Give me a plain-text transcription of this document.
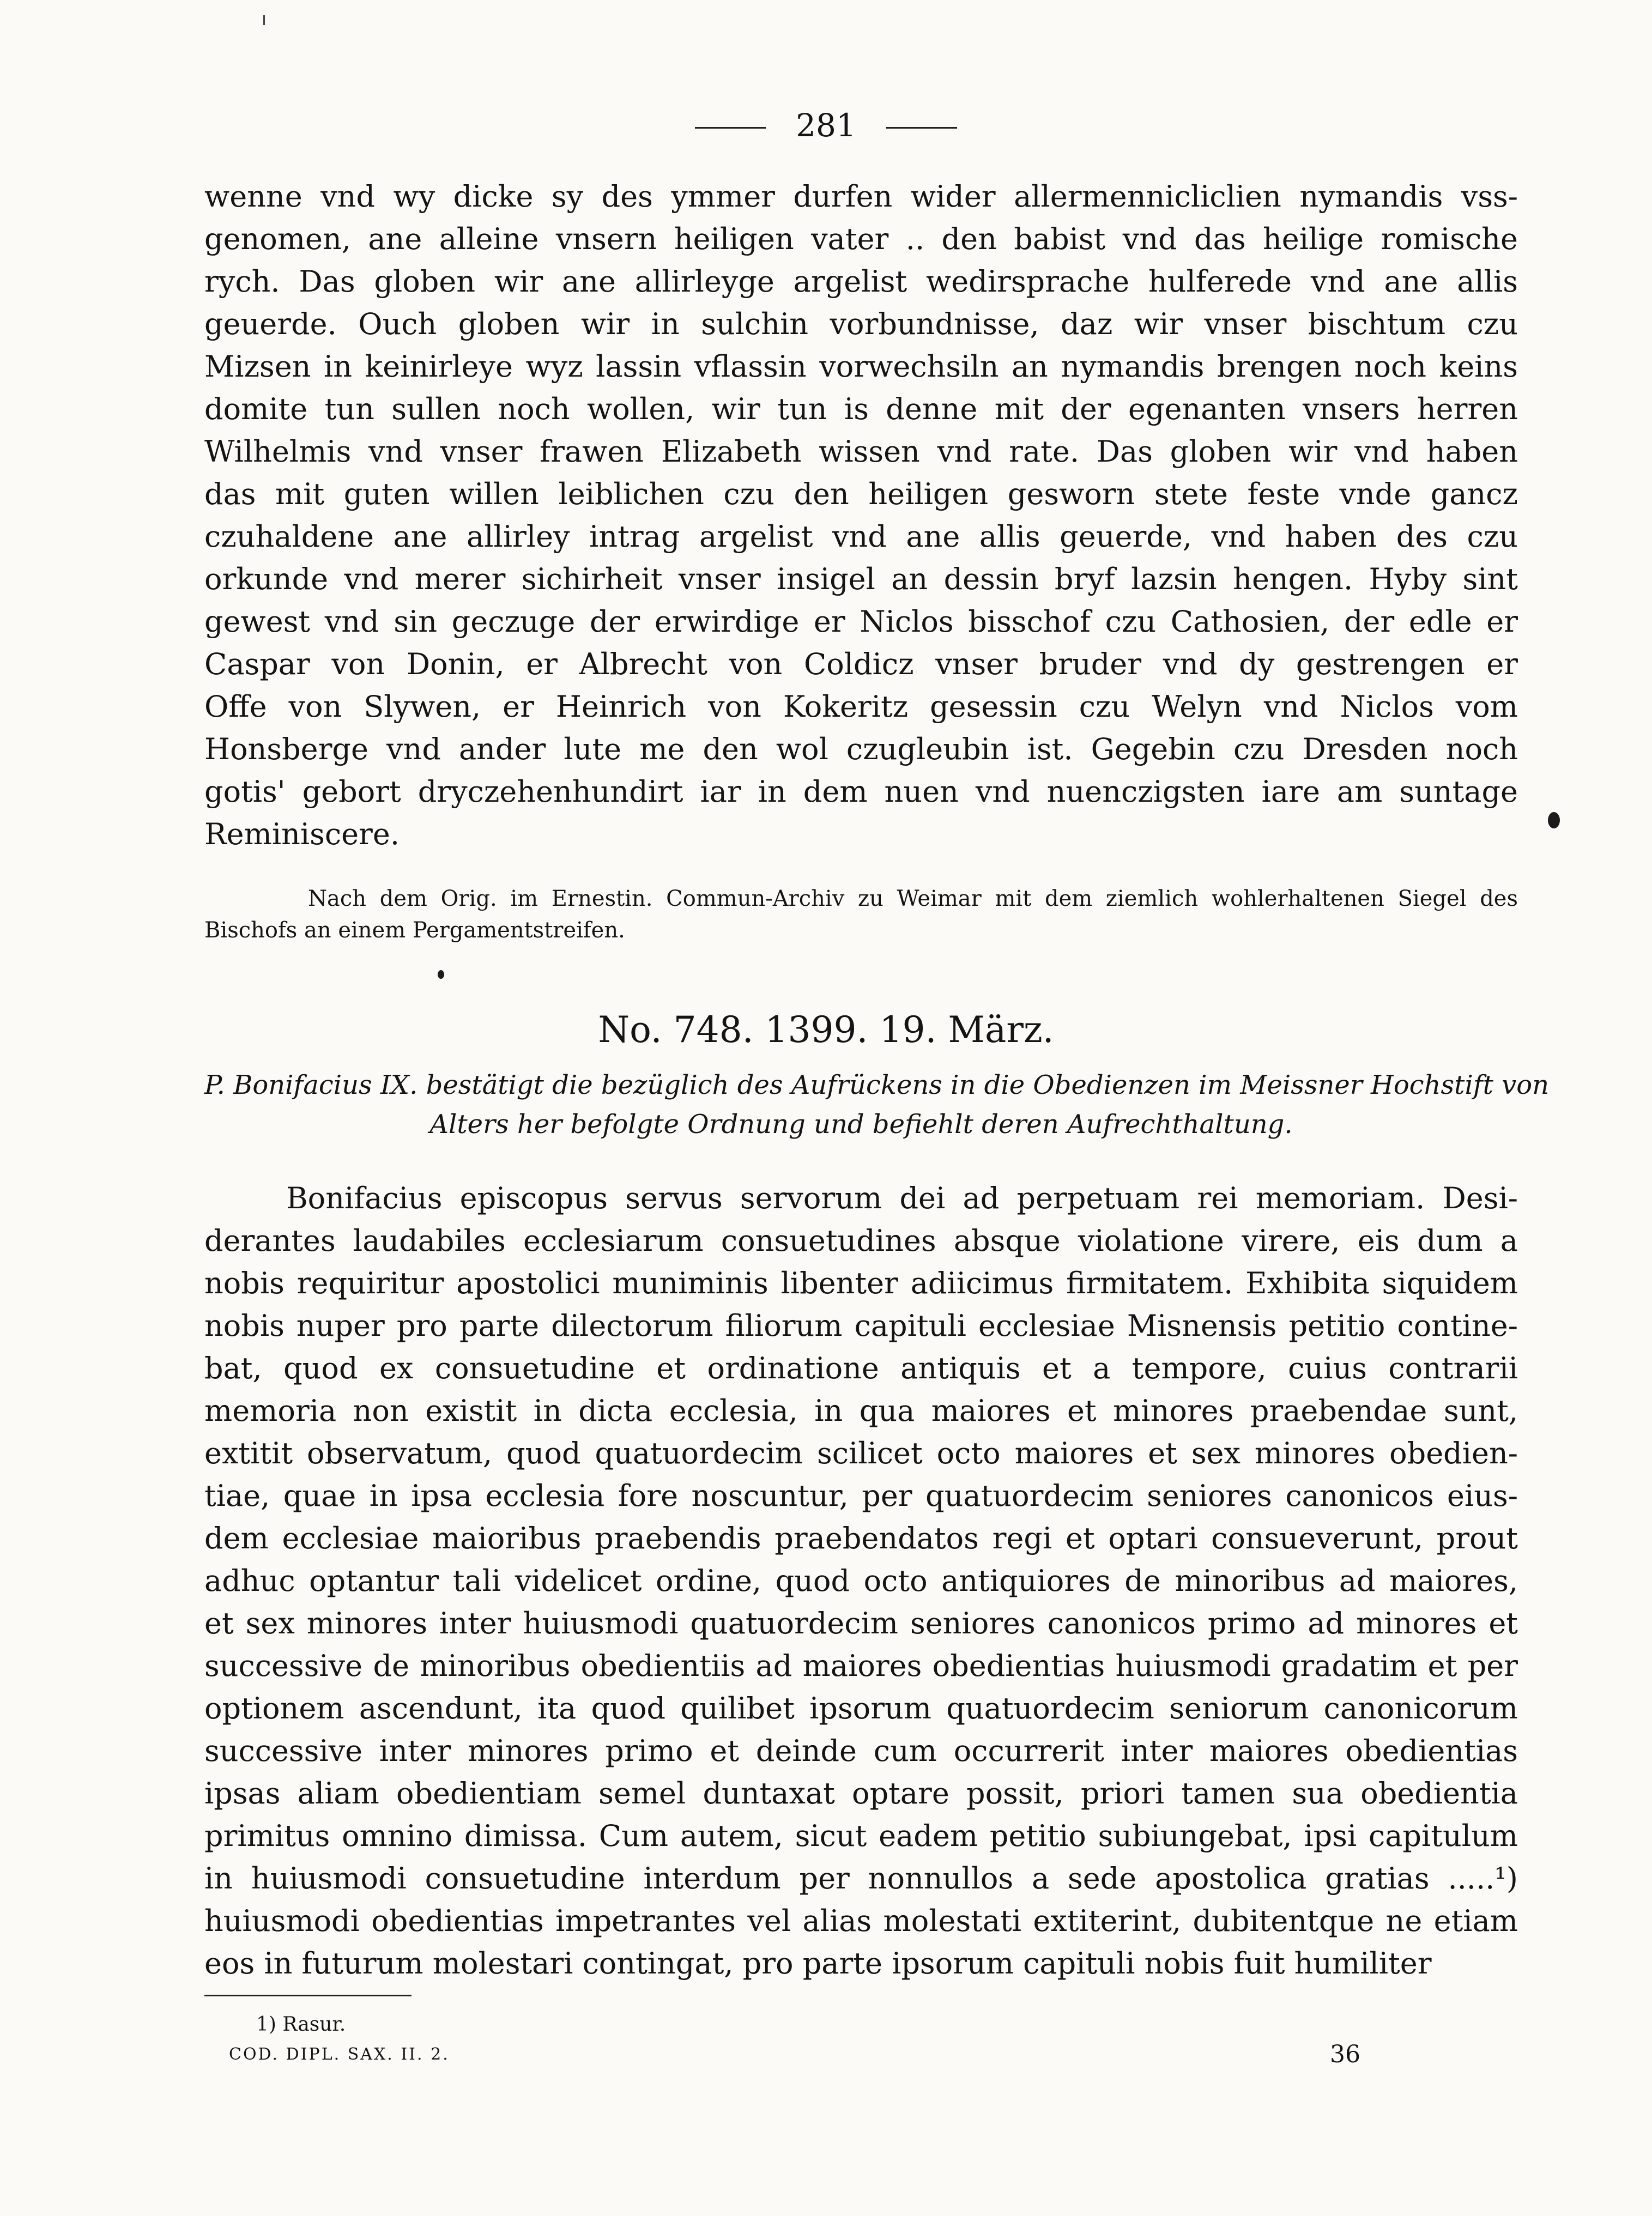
281
wenne vnd wy dicke sy des ymmer durfen wider allermennicliclien nymandis vss-
genomen, ane alleine vnsern heiligen vater .. den babist vnd das heilige romische
rych. Das globen wir ane allirleyge argelist wedirsprache hulferede vnd ane allis
geuerde. Ouch globen wir in sulchin vorbundnisse, daz wir vnser bischtum czu
Mizsen in keinirleye wyz lassin vflassin vorwechsiln an nymandis brengen noch keins
domite tun sullen noch wollen, wir tun is denne mit der egenanten vnsers herren
Wilhelmis vnd vnser frawen Elizabeth wissen vnd rate. Das globen wir vnd haben
das mit guten willen leiblichen czu den heiligen gesworn stete feste vnde gancz
czuhaldene ane allirley intrag argelist vnd ane allis geuerde, vnd haben des czu
orkunde vnd merer sichirheit vnser insigel an dessin bryf lazsin hengen. Hyby sint
gewest vnd sin geczuge der erwirdige er Niclos bisschof czu Cathosien, der edle er
Caspar von Donin, er Albrecht von Coldicz vnser bruder vnd dy gestrengen er
Offe von Slywen, er Heinrich von Kokeritz gesessin czu Welyn vnd Niclos vom
Honsberge vnd ander lute me den wol czugleubin ist. Gegebin czu Dresden noch
gotis' gebort dryczehenhundirt iar in dem nuen vnd nuenczigsten iare am suntage
Reminiscere.
Nach dem Orig. im Ernestin. Commun-Archiv zu Weimar mit dem ziemlich wohlerhaltenen Siegel des
Bischofs an einem Pergamentstreifen.
No. 748. 1399. 19. März.
P. Bonifacius IX. bestätigt die bezüglich des Aufrückens in die Obedienzen im Meissner Hochstift von
Alters her befolgte Ordnung und befiehlt deren Aufrechthaltung.
Bonifacius episcopus servus servorum dei ad perpetuam rei memoriam. Desi-
derantes laudabiles ecclesiarum consuetudines absque violatione virere, eis dum a
nobis requiritur apostolici muniminis libenter adiicimus firmitatem. Exhibita siquidem
nobis nuper pro parte dilectorum filiorum capituli ecclesiae Misnensis petitio contine-
bat, quod ex consuetudine et ordinatione antiquis et a tempore, cuius contrarii
memoria non existit in dicta ecclesia, in qua maiores et minores praebendae sunt,
extitit observatum, quod quatuordecim scilicet octo maiores et sex minores obedien-
tiae, quae in ipsa ecclesia fore noscuntur, per quatuordecim seniores canonicos eius-
dem ecclesiae maioribus praebendis praebendatos regi et optari consueverunt, prout
adhuc optantur tali videlicet ordine, quod octo antiquiores de minoribus ad maiores,
et sex minores inter huiusmodi quatuordecim seniores canonicos primo ad minores et
successive de minoribus obedientiis ad maiores obedientias huiusmodi gradatim et per
optionem ascendunt, ita quod quilibet ipsorum quatuordecim seniorum canonicorum
successive inter minores primo et deinde cum occurrerit inter maiores obedientias
ipsas aliam obedientiam semel duntaxat optare possit, priori tamen sua obedientia
primitus omnino dimissa. Cum autem, sicut eadem petitio subiungebat, ipsi capitulum
in huiusmodi consuetudine interdum per nonnullos a sede apostolica gratias .....¹)
huiusmodi obedientias impetrantes vel alias molestati extiterint, dubitentque ne etiam
eos in futurum molestari contingat, pro parte ipsorum capituli nobis fuit humiliter
1) Rasur.
COD. DIPL. SAX. II. 2.	36
